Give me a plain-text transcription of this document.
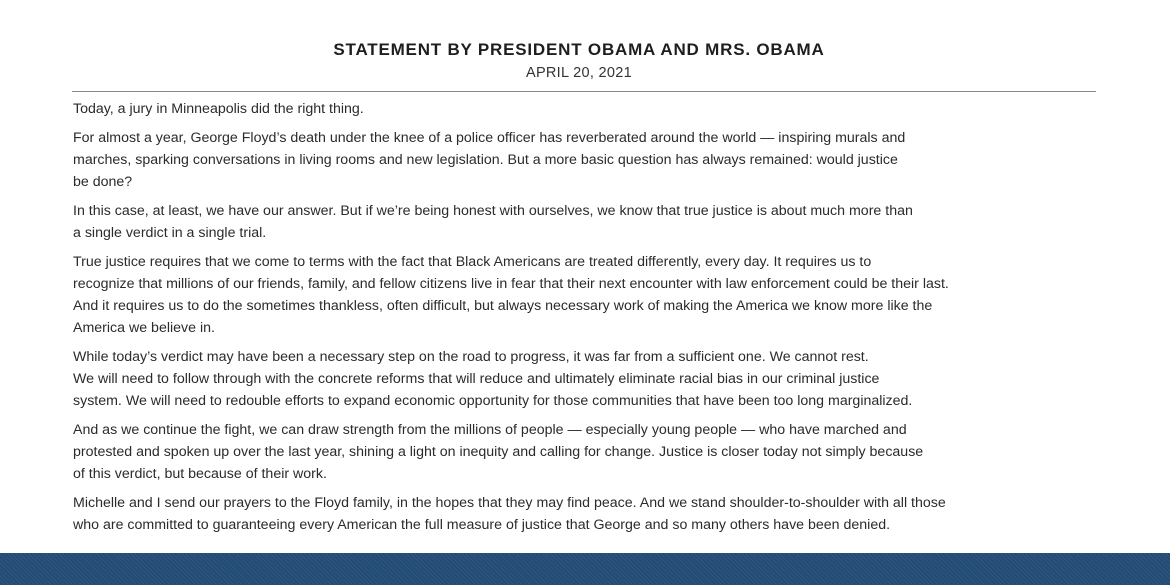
STATEMENT BY PRESIDENT OBAMA AND MRS. OBAMA
APRIL 20, 2021

Today, a jury in Minneapolis did the right thing.

For almost a year, George Floyd’s death under the knee of a police officer has reverberated around the world — inspiring murals and
marches, sparking conversations in living rooms and new legislation. But a more basic question has always remained: would justice
be done?

In this case, at least, we have our answer. But if we’re being honest with ourselves, we know that true justice is about much more than
a single verdict in a single trial.

True justice requires that we come to terms with the fact that Black Americans are treated differently, every day. It requires us to
recognize that millions of our friends, family, and fellow citizens live in fear that their next encounter with law enforcement could be their last.
And it requires us to do the sometimes thankless, often difficult, but always necessary work of making the America we know more like the
America we believe in.

While today’s verdict may have been a necessary step on the road to progress, it was far from a sufficient one. We cannot rest.
We will need to follow through with the concrete reforms that will reduce and ultimately eliminate racial bias in our criminal justice
system. We will need to redouble efforts to expand economic opportunity for those communities that have been too long marginalized.

And as we continue the fight, we can draw strength from the millions of people — especially young people — who have marched and
protested and spoken up over the last year, shining a light on inequity and calling for change. Justice is closer today not simply because
of this verdict, but because of their work.

Michelle and I send our prayers to the Floyd family, in the hopes that they may find peace. And we stand shoulder-to-shoulder with all those
who are committed to guaranteeing every American the full measure of justice that George and so many others have been denied.
